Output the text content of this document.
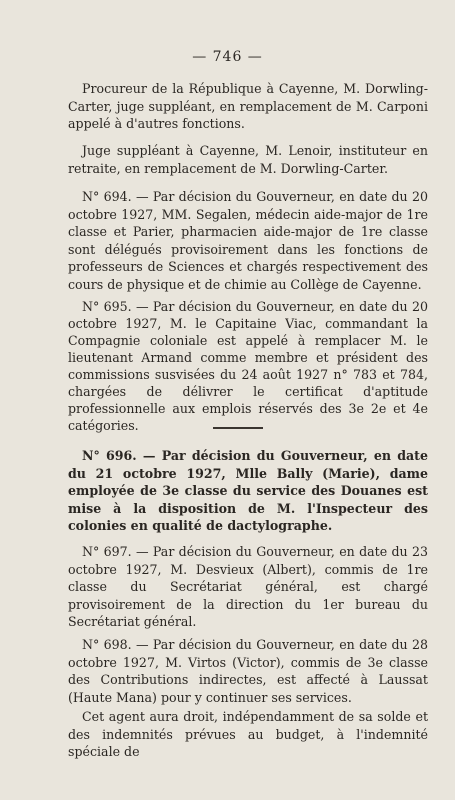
— 746 —

Procureur de la République à Cayenne, M. Dorwling-Carter, juge suppléant, en remplacement de M. Carponi appelé à d'autres fonctions.

Juge suppléant à Cayenne, M. Lenoir, instituteur en retraite, en remplacement de M. Dorwling-Carter.

N° 694. — Par décision du Gouverneur, en date du 20 octobre 1927, MM. Segalen, médecin aide-major de 1re classe et Parier, pharmacien aide-major de 1re classe sont délégués provisoirement dans les fonctions de professeurs de Sciences et chargés respectivement des cours de physique et de chimie au Collège de Cayenne.

N° 695. — Par décision du Gouverneur, en date du 20 octobre 1927, M. le Capitaine Viac, commandant la Compagnie coloniale est appelé à remplacer M. le lieutenant Armand comme membre et président des commissions susvisées du 24 août 1927 n° 783 et 784, chargées de délivrer le certificat d'aptitude professionnelle aux emplois réservés des 3e 2e et 4e catégories.

N° 696. — Par décision du Gouverneur, en date du 21 octobre 1927, Mlle Bally (Marie), dame employée de 3e classe du service des Douanes est mise à la disposition de M. l'Inspecteur des colonies en qualité de dactylographe.

N° 697. — Par décision du Gouverneur, en date du 23 octobre 1927, M. Desvieux (Albert), commis de 1re classe du Secrétariat général, est chargé provisoirement de la direction du 1er bureau du Secrétariat général.

N° 698. — Par décision du Gouverneur, en date du 28 octobre 1927, M. Virtos (Victor), commis de 3e classe des Contributions indirectes, est affecté à Laussat (Haute Mana) pour y continuer ses services.

Cet agent aura droit, indépendamment de sa solde et des indemnités prévues au budget, à l'indemnité spéciale de
